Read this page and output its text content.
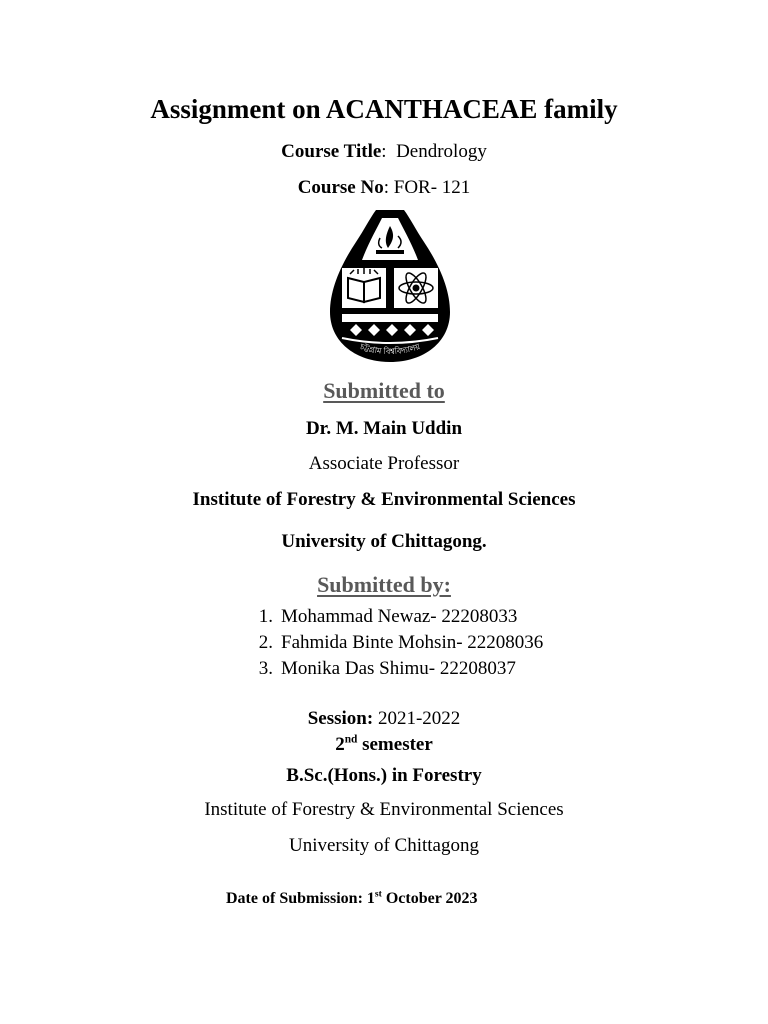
Assignment on ACANTHACEAE family
Course Title:  Dendrology
Course No: FOR- 121
চট্টগ্রাম বিশ্ববিদ্যালয়
Submitted to
Dr. M. Main Uddin
Associate Professor
Institute of Forestry & Environmental Sciences
University of Chittagong.
Submitted by:
1. Mohammad Newaz- 22208033
2. Fahmida Binte Mohsin- 22208036
3. Monika Das Shimu- 22208037
Session: 2021-2022
2nd semester
B.Sc.(Hons.) in Forestry
Institute of Forestry & Environmental Sciences
University of Chittagong
Date of Submission: 1st October 2023
